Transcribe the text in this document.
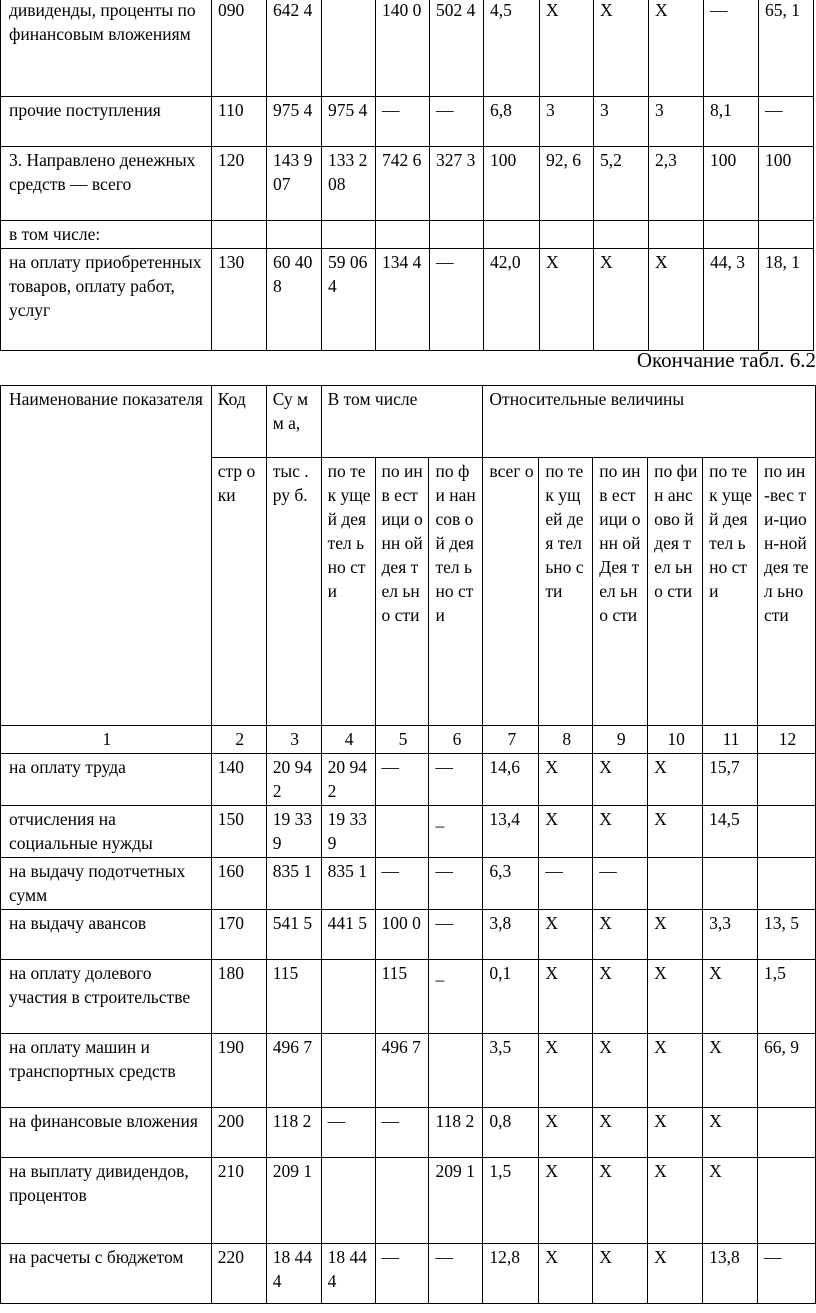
дивиденды, проценты по финансовым вложениям	090	642 4		140 0	502 4	4,5	Х	Х	Х	—	65, 1
прочие поступления	110	975 4	975 4	—	—	6,8	3	3	3	8,1	—
3. Направлено денежных средств — всего	120	143 907	133 208	742 6	327 3	100	92, 6	5,2	2,3	100	100
в том числе:											
на оплату приобретенных товаров, оплату работ, услуг	130	60 408	59 064	134 4	—	42,0	Х	Х	Х	44, 3	18, 1
Окончание табл. 6.2
Наименование показателя	Код	Су мм а,	В том числе			Относительные величины					
	стр оки	тыс .ру б.	по тек уще й дея тел ьно сти	по инв ест ици онн ой дея тел ьно сти	по фи нан сов ой дея тел ьно сти	всег о	по тек ущ ей дея тел ьно сти	по инв ест ици онн ой Дея тел ьно сти	по фин анс ово й дея тел ьно сти	по тек уще й дея тел ьно сти	по ин-вес ти-цио н-ной дея тел ьно сти
1	2	3	4	5	6	7	8	9	10	11	12
на оплату труда	140	20 942	20 942	—	—	14,6	Х	Х	Х	15,7	
отчисления на социальные нужды	150	19 339	19 339		_	13,4	Х	Х	Х	14,5	
на выдачу подотчетных сумм	160	835 1	835 1	—	—	6,3	—	—			
на выдачу авансов	170	541 5	441 5	100 0	—	3,8	Х	Х	Х	3,3	13, 5
на оплату долевого участия в строительстве	180	115		115	_	0,1	Х	Х	Х	Х	1,5
на оплату машин и транспортных средств	190	496 7		496 7		3,5	Х	Х	Х	Х	66, 9
на финансовые вложения	200	118 2	—	—	118 2	0,8	Х	Х	Х	Х	
на выплату дивидендов, процентов	210	209 1			209 1	1,5	Х	Х	Х	Х	
на расчеты с бюджетом	220	18 444	18 444	—	—	12,8	Х	Х	Х	13,8	—
